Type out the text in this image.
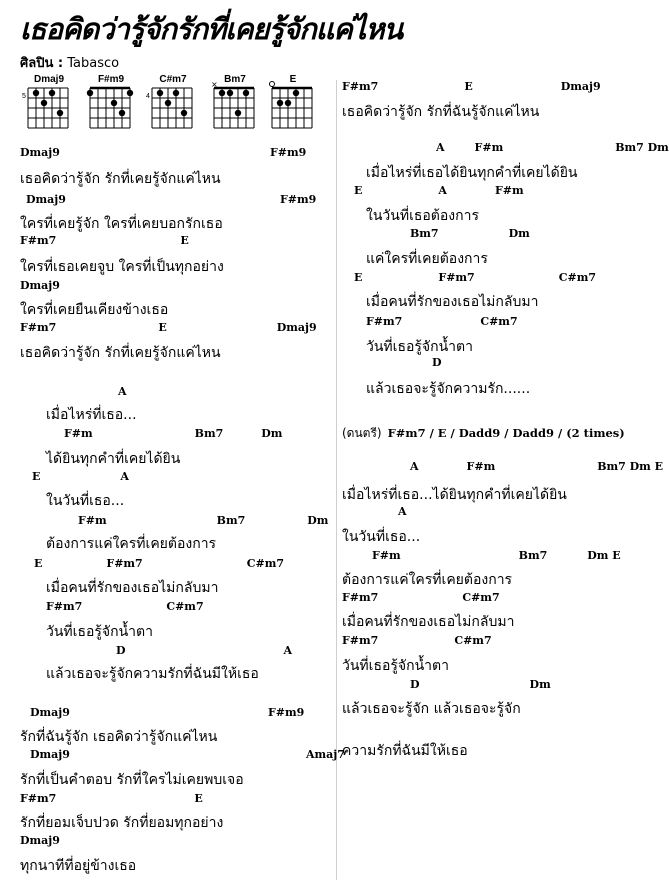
เธอคิดว่ารู้จักรักที่เคยรู้จักแค่ไหน
ศิลปิน : Tabasco
Dmaj9
5
F#m9	C#m7
4
Bm7
×	E
Dmaj9	F#m9
เธอคิดว่ารู้จัก รักที่เคยรู้จักแค่ไหน
Dmaj9	F#m9
ใครที่เคยรู้จัก ใครที่เคยบอกรักเธอ
F#m7	E
ใครที่เธอเคยจูบ ใครที่เป็นทุกอย่าง
Dmaj9
ใครที่เคยยืนเคียงข้างเธอ
F#m7	E	Dmaj9
เธอคิดว่ารู้จัก รักที่เคยรู้จักแค่ไหน
A
เมื่อไหร่ที่เธอ...
F#m	Bm7	Dm
ได้ยินทุกคำที่เคยได้ยิน
E	A
ในวันที่เธอ...
F#m	Bm7	Dm
ต้องการแค่ใครที่เคยต้องการ
E	F#m7	C#m7
เมื่อคนที่รักของเธอไม่กลับมา
F#m7	C#m7
วันที่เธอรู้จักน้ำตา
D	A
แล้วเธอจะรู้จักความรักที่ฉันมีให้เธอ
Dmaj9	F#m9
รักที่ฉันรู้จัก เธอคิดว่ารู้จักแค่ไหน
Dmaj9	Amaj7
รักที่เป็นคำตอบ รักที่ใครไม่เคยพบเจอ
F#m7	E
รักที่ยอมเจ็บปวด รักที่ยอมทุกอย่าง
Dmaj9
ทุกนาทีที่อยู่ข้างเธอ
F#m7	E	Dmaj9
เธอคิดว่ารู้จัก รักที่ฉันรู้จักแค่ไหน
A	F#m	Bm7 Dm
เมื่อไหร่ที่เธอได้ยินทุกคำที่เคยได้ยิน
E	A	F#m
ในวันที่เธอต้องการ
Bm7	Dm
แค่ใครที่เคยต้องการ
E	F#m7	C#m7
เมื่อคนที่รักของเธอไม่กลับมา
F#m7	C#m7
วันที่เธอรู้จักน้ำตา
D
แล้วเธอจะรู้จักความรัก......
(ดนตรี) F#m7 / E / Dadd9 / Dadd9 / (2 times)
A	F#m	Bm7 Dm E
เมื่อไหร่ที่เธอ...ได้ยินทุกคำที่เคยได้ยิน
A
ในวันที่เธอ...
F#m	Bm7	Dm E
ต้องการแค่ใครที่เคยต้องการ
F#m7	C#m7
เมื่อคนที่รักของเธอไม่กลับมา
F#m7	C#m7
วันที่เธอรู้จักน้ำตา
D	Dm
แล้วเธอจะรู้จัก แล้วเธอจะรู้จัก
ความรักที่ฉันมีให้เธอ
